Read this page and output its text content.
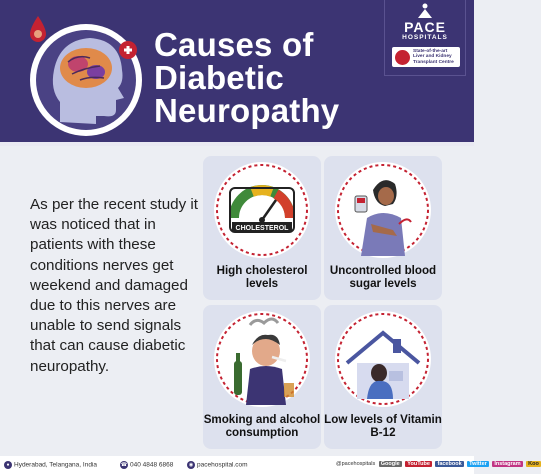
Causes of
Diabetic
Neuropathy
PACE
HOSPITALS
State-of-the-art Liver and Kidney Transplant Centre
As per the recent study it was noticed that in patients with these conditions nerves get weekend and damaged due to this nerves are unable to send signals that can cause diabetic neuropathy.
CHOLESTEROL
High cholesterol levels
Uncontrolled blood sugar levels
Smoking and alcohol consumption
Low levels of Vitamin B-12
● Hyderabad, Telangana, India	☎ 040 4848 6868	◉ pacehospital.com	@pacehospitals Google YouTube facebook Twitter Instagram Koo
